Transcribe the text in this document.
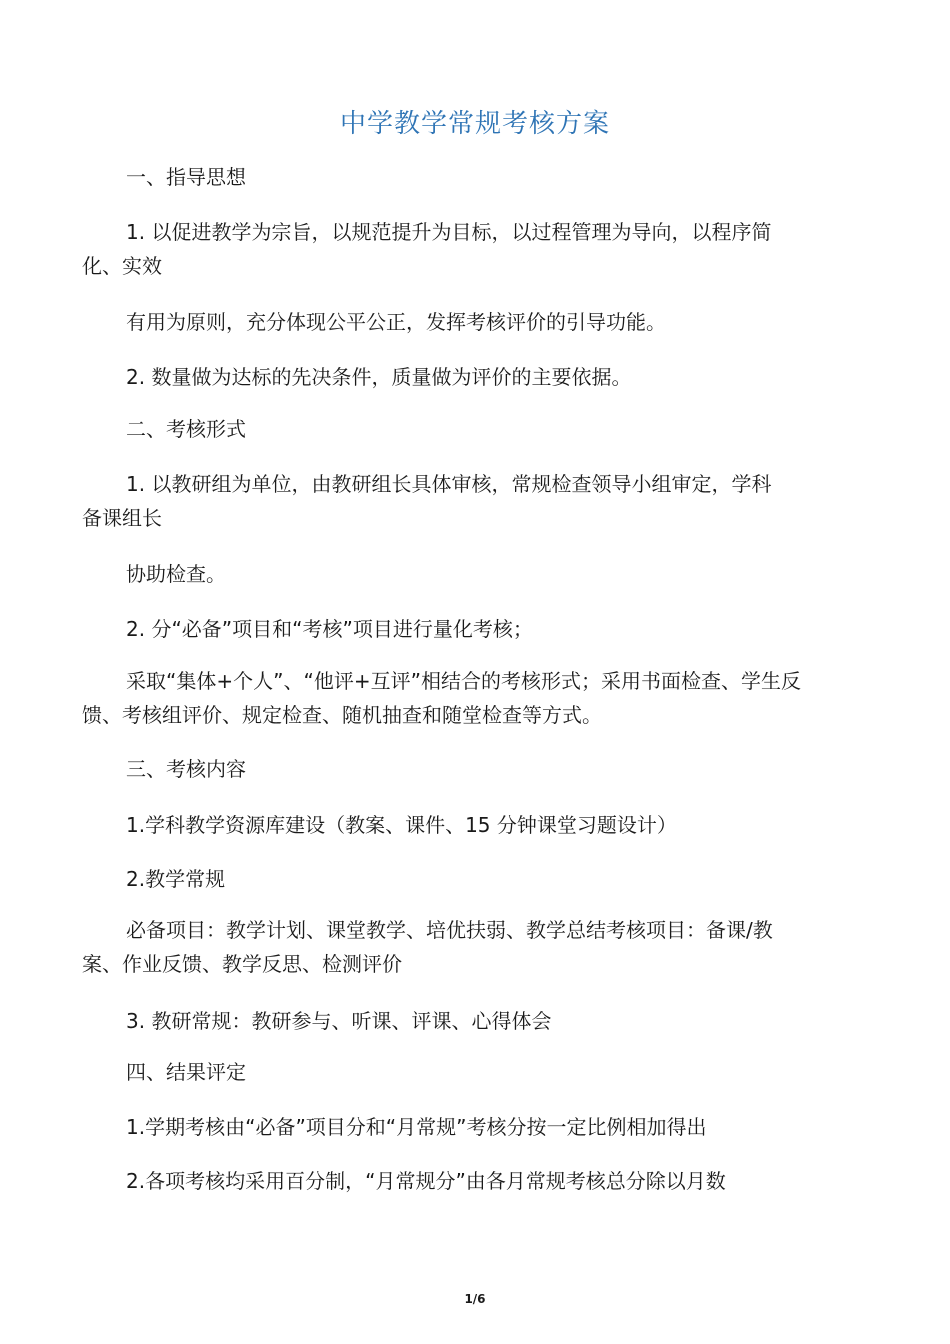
中学教学常规考核方案
一、指导思想
1. 以促进教学为宗旨，以规范提升为目标，以过程管理为导向，以程序简
化、实效
有用为原则，充分体现公平公正，发挥考核评价的引导功能。
2. 数量做为达标的先决条件，质量做为评价的主要依据。
二、考核形式
1. 以教研组为单位，由教研组长具体审核，常规检查领导小组审定，学科
备课组长
协助检查。
2. 分“必备”项目和“考核”项目进行量化考核；
采取“集体+个人”、“他评+互评”相结合的考核形式；采用书面检查、学生反
馈、考核组评价、规定检查、随机抽查和随堂检查等方式。
三、考核内容
1.学科教学资源库建设（教案、课件、15 分钟课堂习题设计）
2.教学常规
必备项目：教学计划、课堂教学、培优扶弱、教学总结考核项目：备课/教
案、作业反馈、教学反思、检测评价
3. 教研常规：教研参与、听课、评课、心得体会
四、结果评定
1.学期考核由“必备”项目分和“月常规”考核分按一定比例相加得出
2.各项考核均采用百分制，“月常规分”由各月常规考核总分除以月数
1/6
